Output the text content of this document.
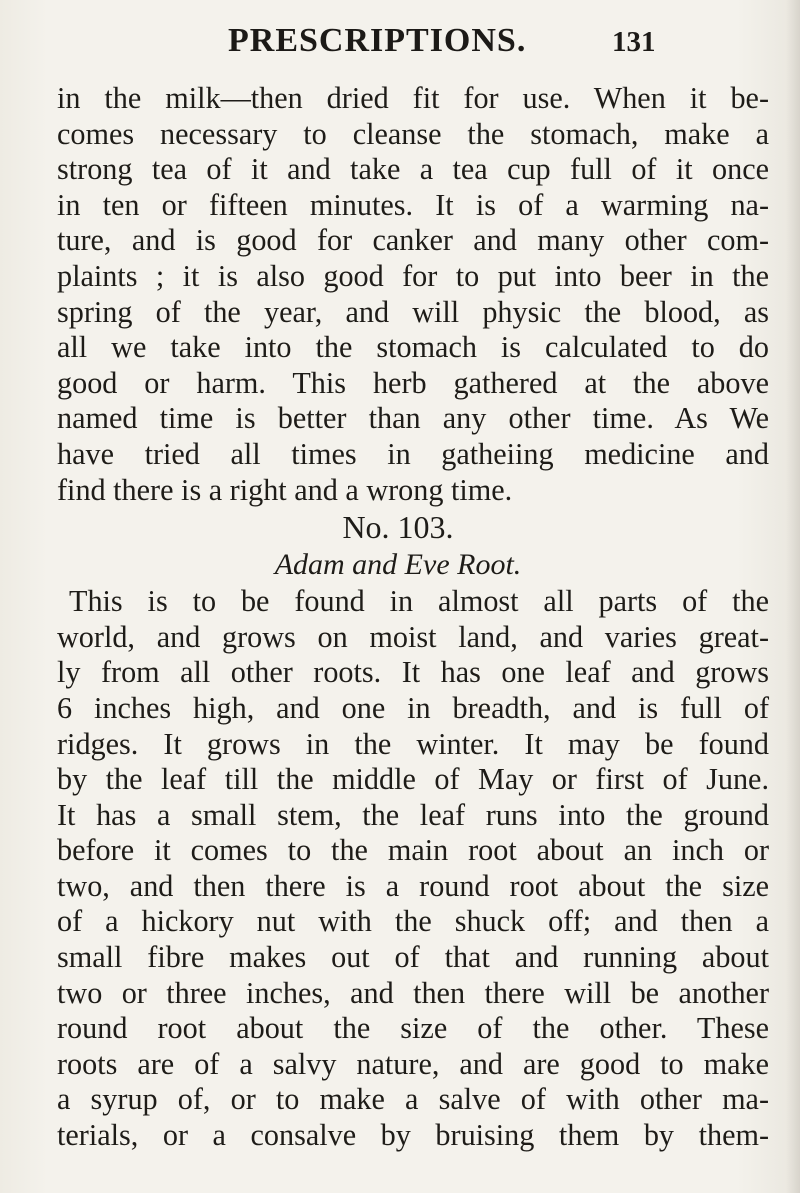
PRESCRIPTIONS.	131
in the milk—then dried fit for use. When it be-
comes necessary to cleanse the stomach, make a
strong tea of it and take a tea cup full of it once
in ten or fifteen minutes. It is of a warming na-
ture, and is good for canker and many other com-
plaints ; it is also good for to put into beer in the
spring of the year, and will physic the blood, as
all we take into the stomach is calculated to do
good or harm. This herb gathered at the above
named time is better than any other time. As We
have tried all times in gatheiing medicine and
find there is a right and a wrong time.
No. 103.
Adam and Eve Root.
This is to be found in almost all parts of the
world, and grows on moist land, and varies great-
ly from all other roots. It has one leaf and grows
6 inches high, and one in breadth, and is full of
ridges. It grows in the winter. It may be found
by the leaf till the middle of May or first of June.
It has a small stem, the leaf runs into the ground
before it comes to the main root about an inch or
two, and then there is a round root about the size
of a hickory nut with the shuck off; and then a
small fibre makes out of that and running about
two or three inches, and then there will be another
round root about the size of the other. These
roots are of a salvy nature, and are good to make
a syrup of, or to make a salve of with other ma-
terials, or a consalve by bruising them by them-
